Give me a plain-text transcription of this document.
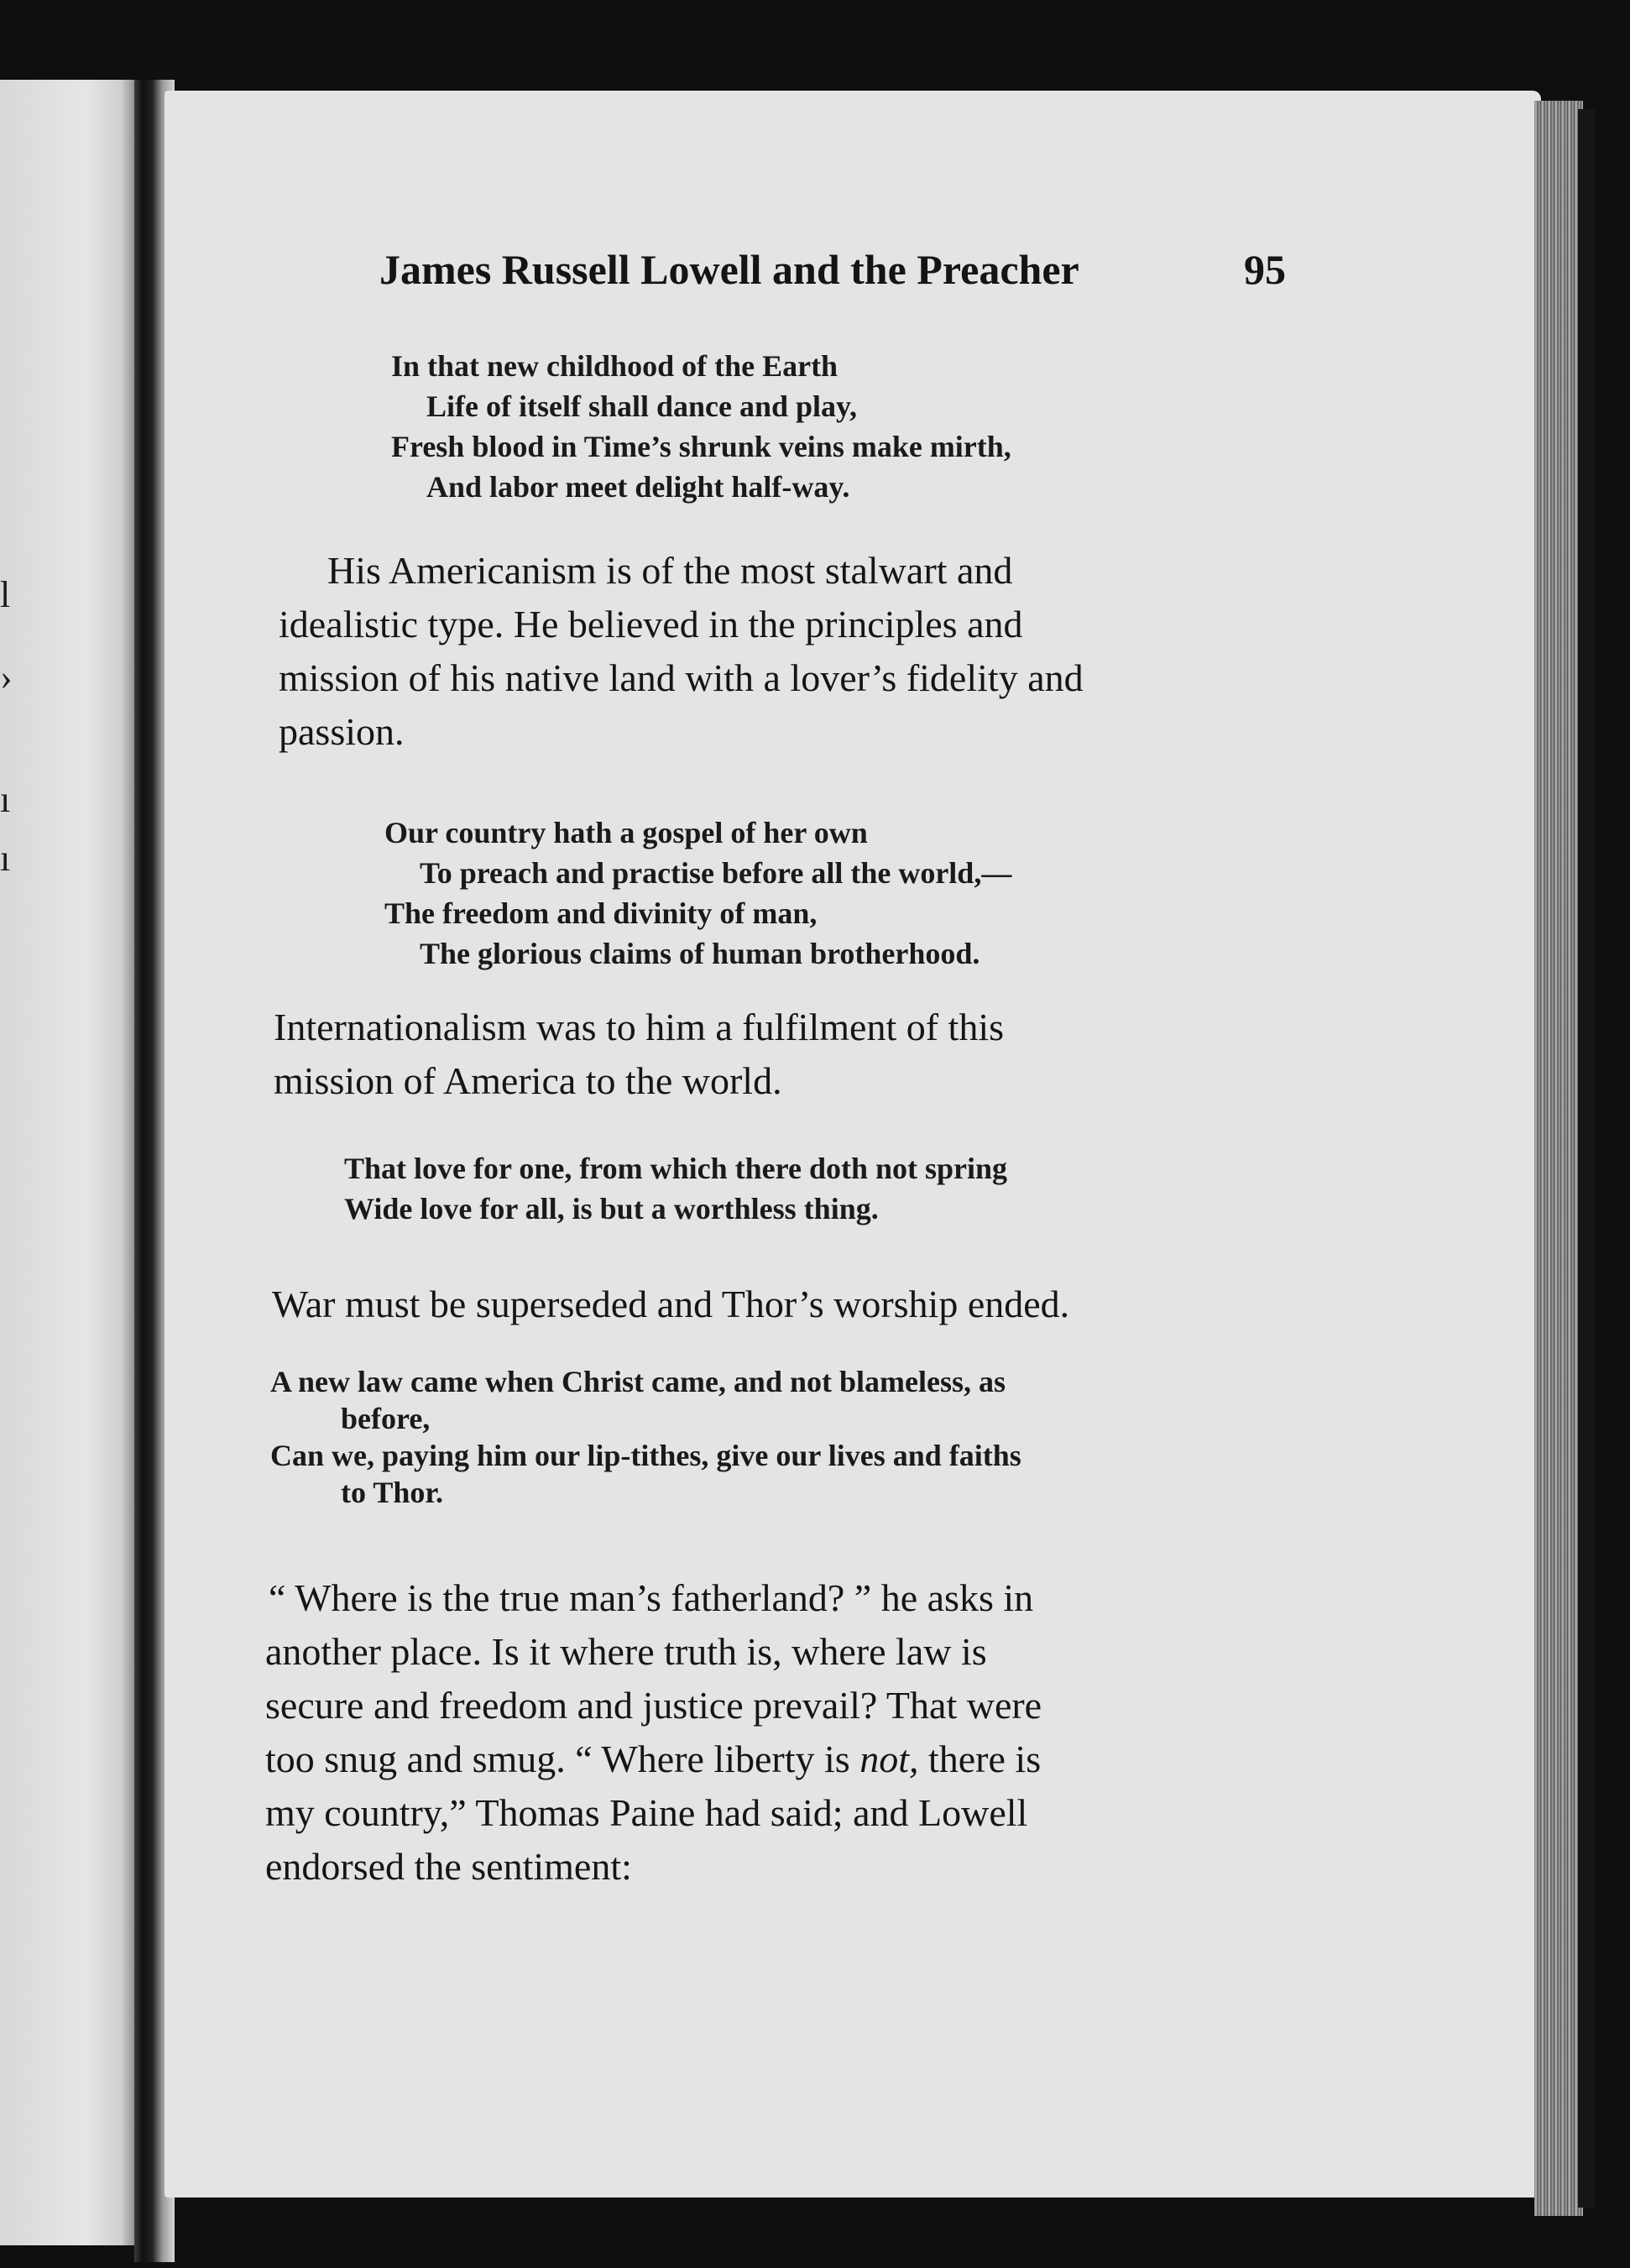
l
›
ı
ı
James Russell Lowell and the Preacher	95
In that new childhood of the Earth
Life of itself shall dance and play,
Fresh blood in Time’s shrunk veins make mirth,
And labor meet delight half-way.
His Americanism is of the most stalwart and
idealistic type. He believed in the principles and
mission of his native land with a lover’s fidelity and
passion.
Our country hath a gospel of her own
To preach and practise before all the world,—
The freedom and divinity of man,
The glorious claims of human brotherhood.
Internationalism was to him a fulfilment of this
mission of America to the world.
That love for one, from which there doth not spring
Wide love for all, is but a worthless thing.
War must be superseded and Thor’s worship ended.
A new law came when Christ came, and not blameless, as
before,
Can we, paying him our lip-tithes, give our lives and faiths
to Thor.
“ Where is the true man’s fatherland? ” he asks in
another place. Is it where truth is, where law is
secure and freedom and justice prevail? That were
too snug and smug. “ Where liberty is not, there is
my country,” Thomas Paine had said; and Lowell
endorsed the sentiment:
